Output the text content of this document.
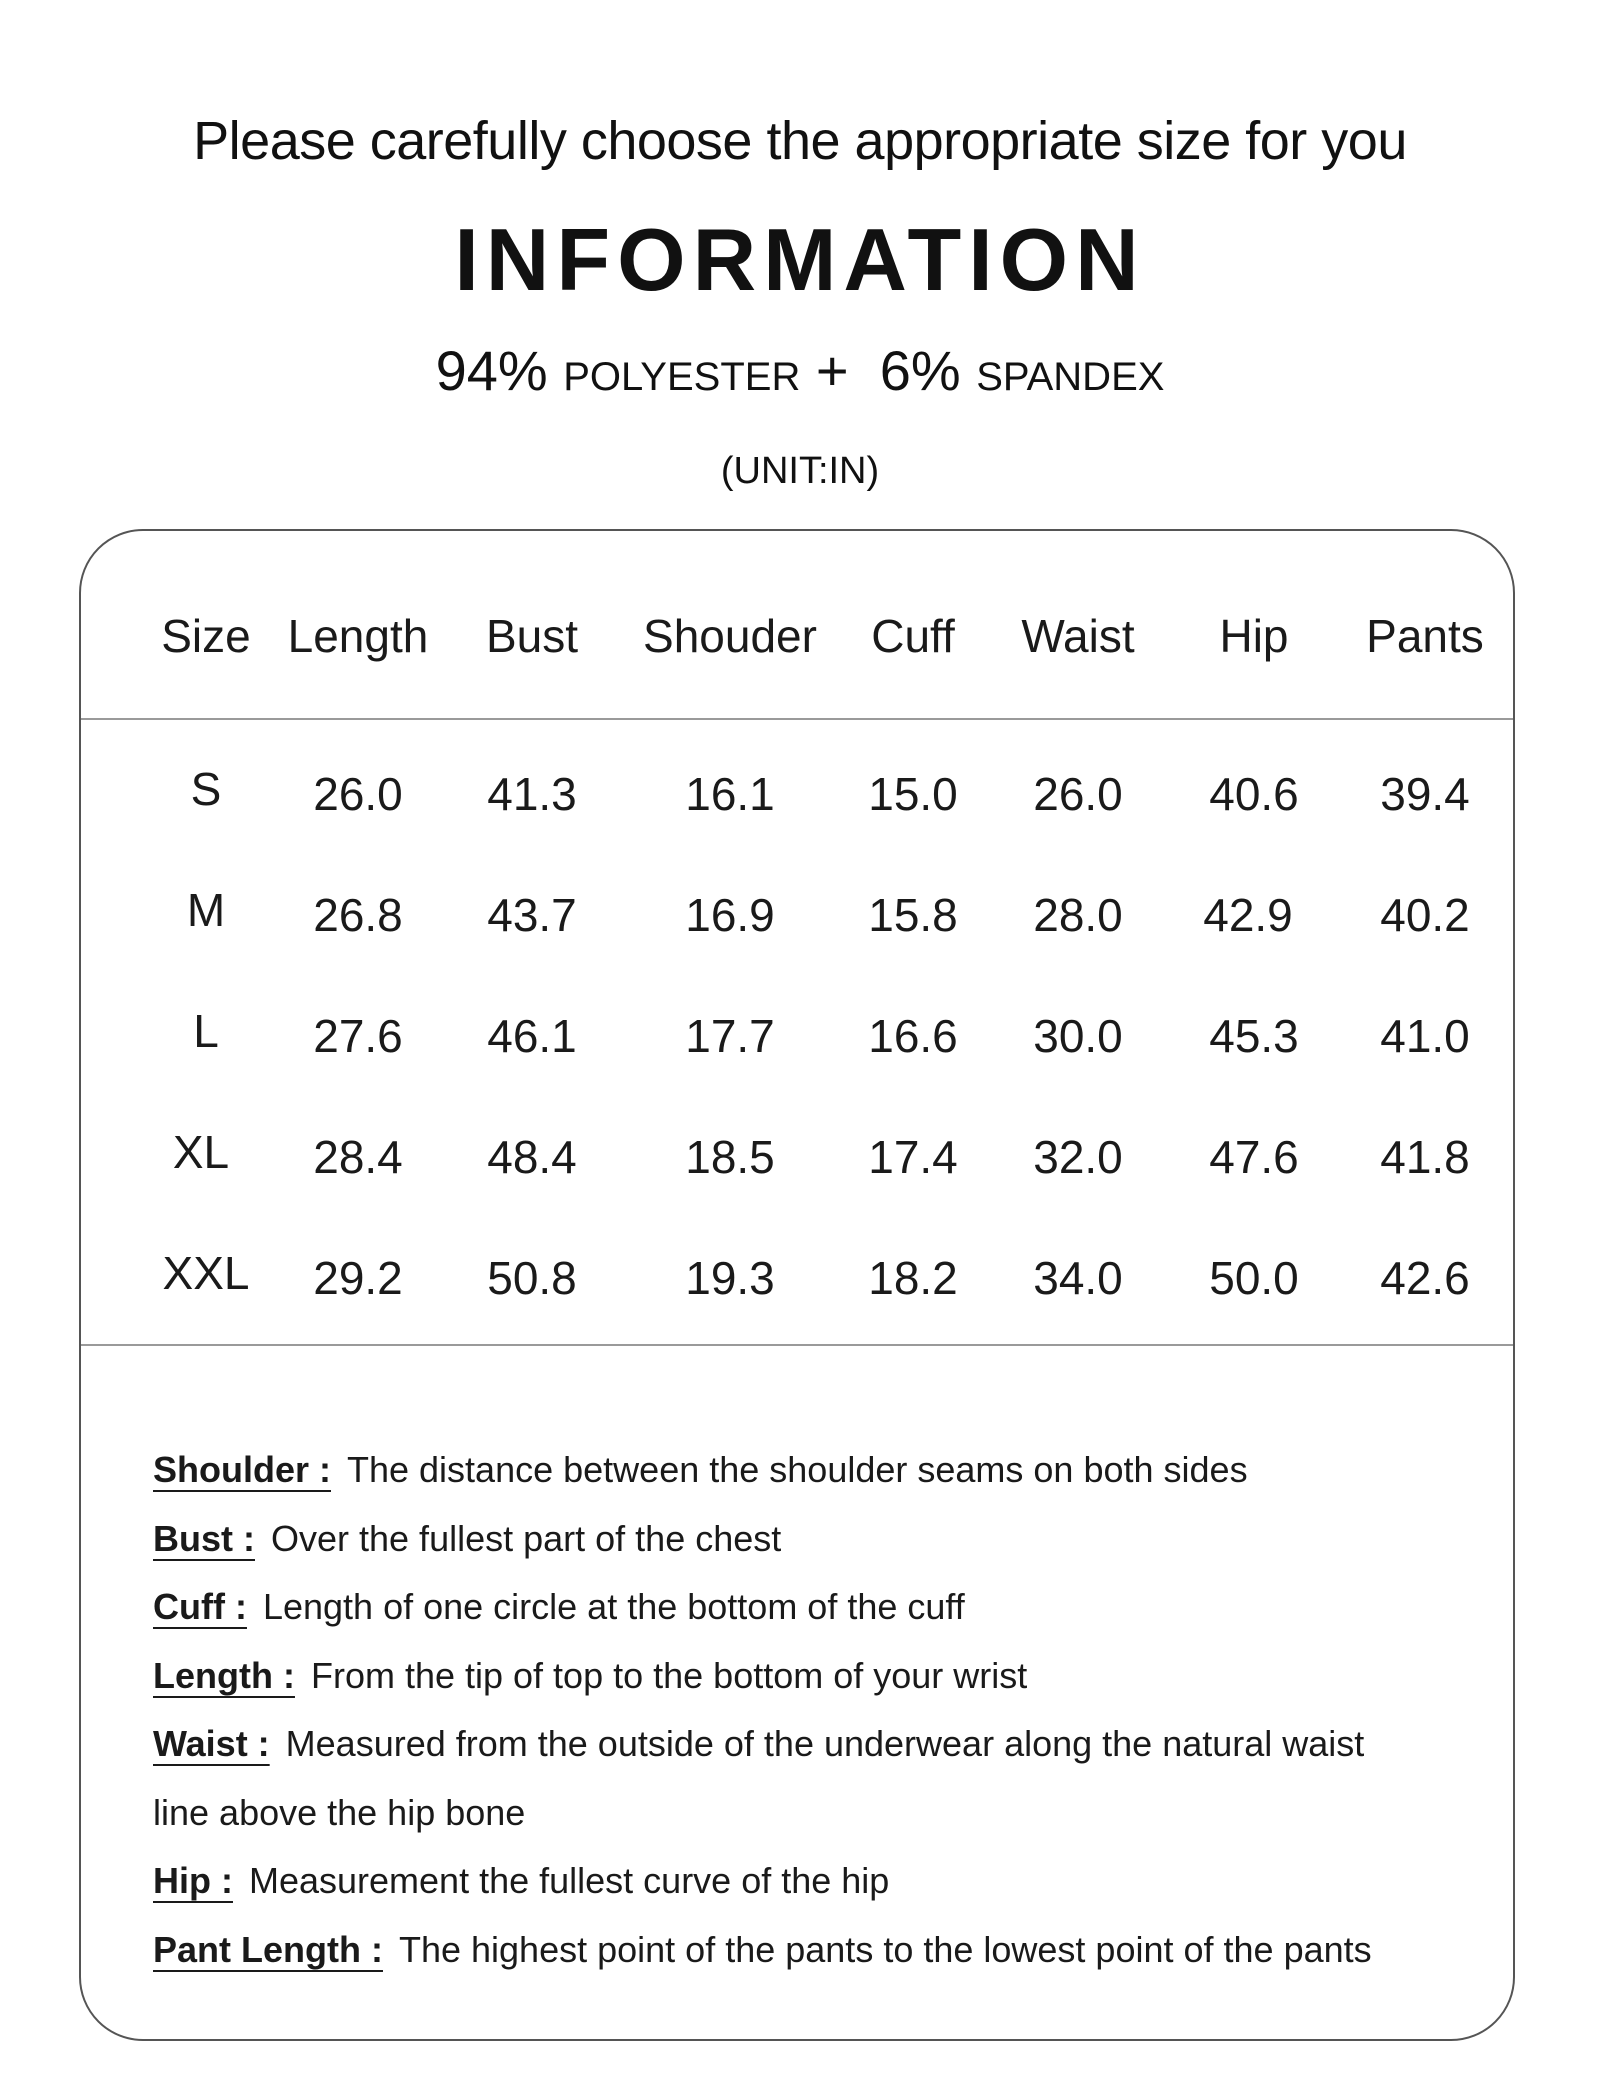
Please carefully choose the appropriate size for you
INFORMATION
94% POLYESTER + 6% SPANDEX
(UNIT:IN)
Size Length	Bust	Shouder	Cuff	Waist	Hip	Pants
S	26.0	41.3	16.1	15.0	26.0	40.6	39.4
M	26.8	43.7	16.9	15.8	28.0	42.9	40.2
L	27.6	46.1	17.7	16.6	30.0	45.3	41.0
XL	28.4	48.4	18.5	17.4	32.0	47.6	41.8
XXL	29.2	50.8	19.3	18.2	34.0	50.0	42.6
Shoulder : The distance between the shoulder seams on both sides
Bust : Over the fullest part of the chest
Cuff : Length of one circle at the bottom of the cuff
Length : From the tip of top to the bottom of your wrist
Waist : Measured from the outside of the underwear along the natural waist
line above the hip bone
Hip : Measurement the fullest curve of the hip
Pant Length : The highest point of the pants to the lowest point of the pants
